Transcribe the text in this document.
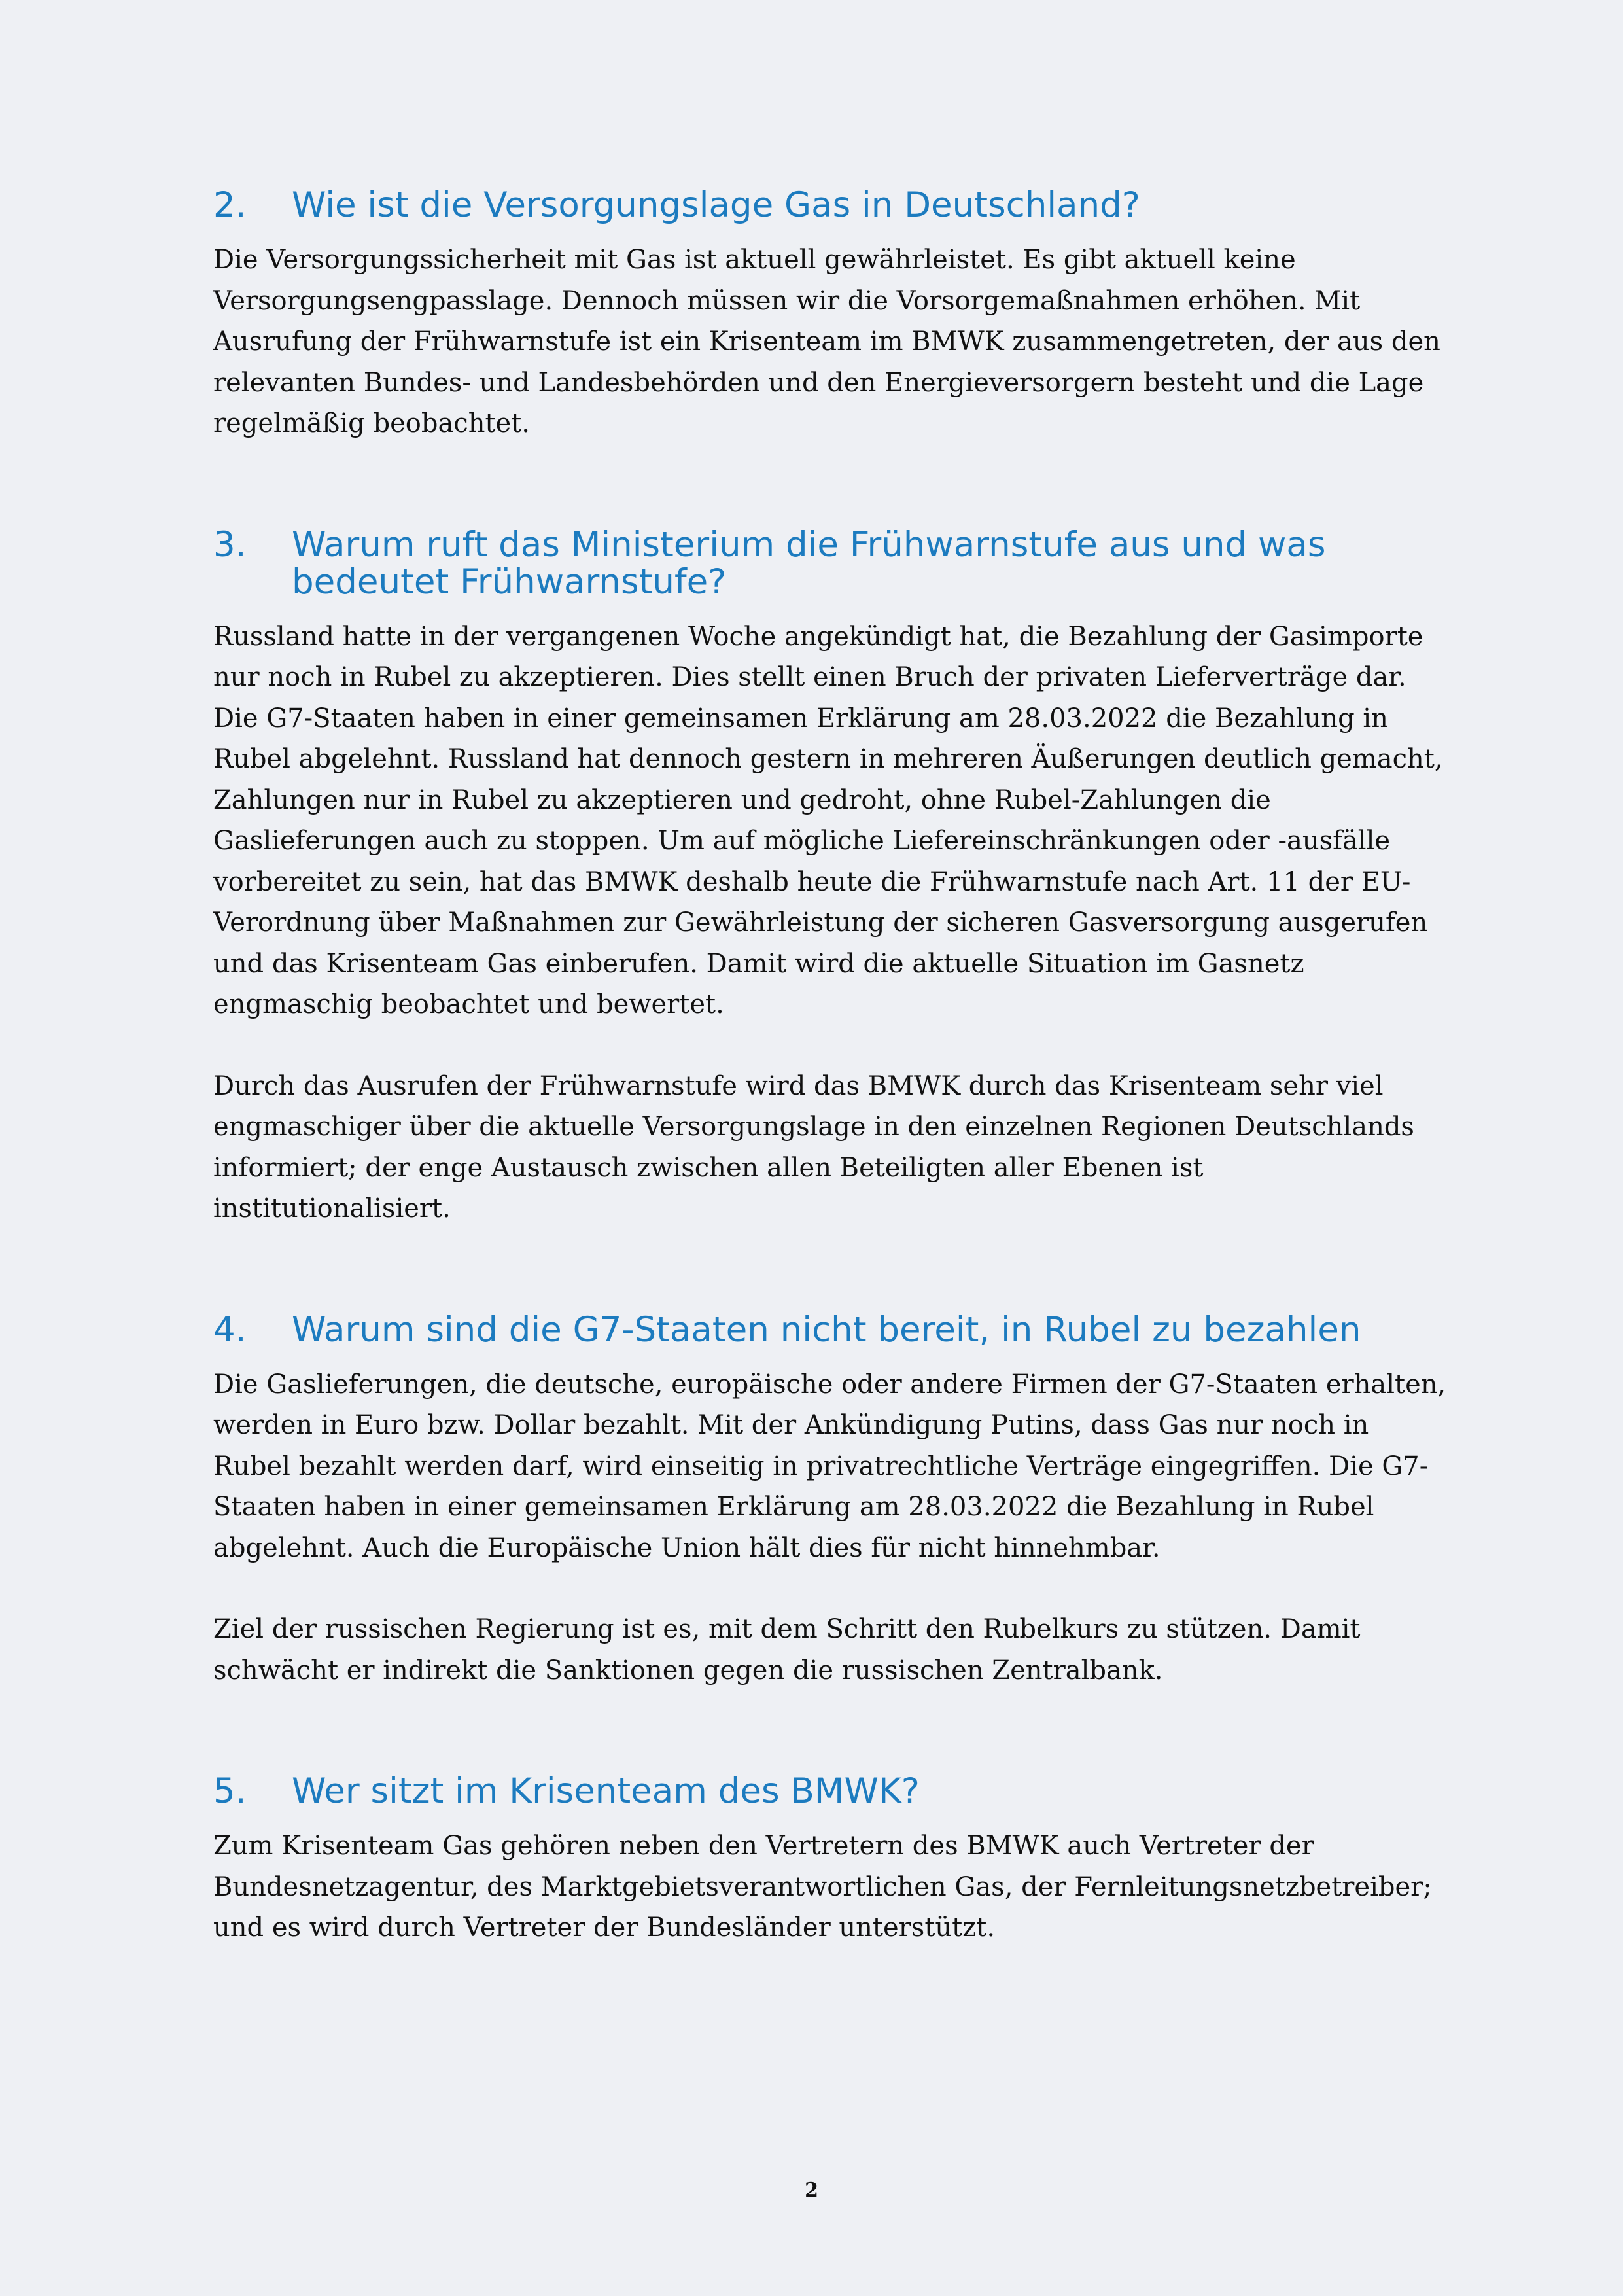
2.	Wie ist die Versorgungslage Gas in Deutschland?

Die Versorgungssicherheit mit Gas ist aktuell gewährleistet. Es gibt aktuell keine
Versorgungsengpasslage. Dennoch müssen wir die Vorsorgemaßnahmen erhöhen. Mit
Ausrufung der Frühwarnstufe ist ein Krisenteam im BMWK zusammengetreten, der aus den
relevanten Bundes- und Landesbehörden und den Energieversorgern besteht und die Lage
regelmäßig beobachtet.

3.	Warum ruft das Ministerium die Frühwarnstufe aus und was
bedeutet Frühwarnstufe?

Russland hatte in der vergangenen Woche angekündigt hat, die Bezahlung der Gasimporte
nur noch in Rubel zu akzeptieren. Dies stellt einen Bruch der privaten Lieferverträge dar.
Die G7-Staaten haben in einer gemeinsamen Erklärung am 28.03.2022 die Bezahlung in
Rubel abgelehnt. Russland hat dennoch gestern in mehreren Äußerungen deutlich gemacht,
Zahlungen nur in Rubel zu akzeptieren und gedroht, ohne Rubel-Zahlungen die
Gaslieferungen auch zu stoppen. Um auf mögliche Liefereinschränkungen oder -ausfälle
vorbereitet zu sein, hat das BMWK deshalb heute die Frühwarnstufe nach Art. 11 der EU-
Verordnung über Maßnahmen zur Gewährleistung der sicheren Gasversorgung ausgerufen
und das Krisenteam Gas einberufen. Damit wird die aktuelle Situation im Gasnetz
engmaschig beobachtet und bewertet.

Durch das Ausrufen der Frühwarnstufe wird das BMWK durch das Krisenteam sehr viel
engmaschiger über die aktuelle Versorgungslage in den einzelnen Regionen Deutschlands
informiert; der enge Austausch zwischen allen Beteiligten aller Ebenen ist
institutionalisiert.

4.	Warum sind die G7-Staaten nicht bereit, in Rubel zu bezahlen

Die Gaslieferungen, die deutsche, europäische oder andere Firmen der G7-Staaten erhalten,
werden in Euro bzw. Dollar bezahlt. Mit der Ankündigung Putins, dass Gas nur noch in
Rubel bezahlt werden darf, wird einseitig in privatrechtliche Verträge eingegriffen. Die G7-
Staaten haben in einer gemeinsamen Erklärung am 28.03.2022 die Bezahlung in Rubel
abgelehnt. Auch die Europäische Union hält dies für nicht hinnehmbar.

Ziel der russischen Regierung ist es, mit dem Schritt den Rubelkurs zu stützen. Damit
schwächt er indirekt die Sanktionen gegen die russischen Zentralbank.

5.	Wer sitzt im Krisenteam des BMWK?

Zum Krisenteam Gas gehören neben den Vertretern des BMWK auch Vertreter der
Bundesnetzagentur, des Marktgebietsverantwortlichen Gas, der Fernleitungsnetzbetreiber;
und es wird durch Vertreter der Bundesländer unterstützt.

2
